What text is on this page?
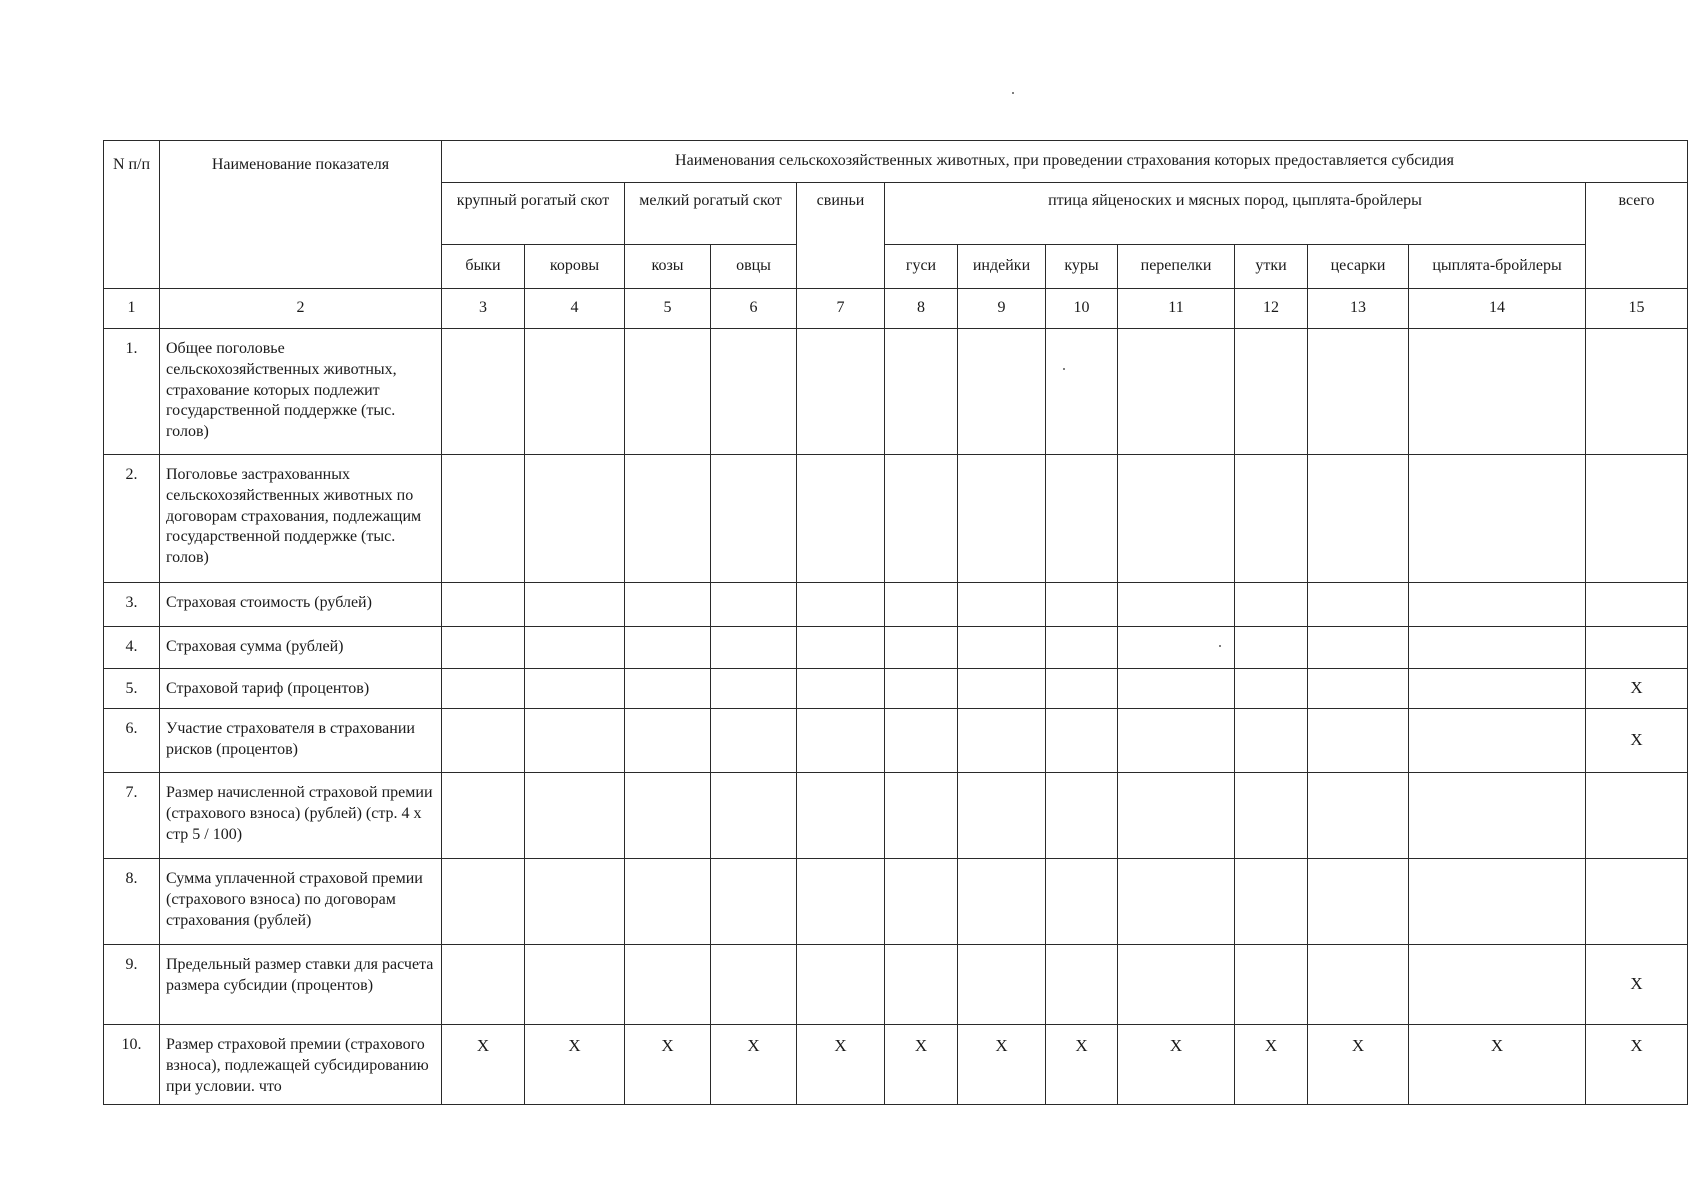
N п/п	Наименование показателя	Наименования сельскохозяйственных животных, при проведении страхования которых предоставляется субсидия												
		крупный рогатый скот		мелкий рогатый скот		свиньи	птица яйценоских и мясных пород, цыплята-бройлеры							всего
		быки	коровы	козы	овцы		гуси	индейки	куры	перепелки	утки	цесарки	цыплята-бройлеры	
1	2	3	4	5	6	7	8	9	10	11	12	13	14	15
1.	Общее поголовье сельскохозяйственных животных, страхование которых подлежит государственной поддержке (тыс. голов)													
2.	Поголовье застрахованных сельскохозяйственных животных по договорам страхования, подлежащим государственной поддержке (тыс. голов)													
3.	Страховая стоимость (рублей)													
4.	Страховая сумма (рублей)													
5.	Страховой тариф (процентов)													Х
6.	Участие страхователя в страховании рисков (процентов)													Х
7.	Размер начисленной страховой премии (страхового взноса) (рублей) (стр. 4 х стр 5 / 100)													
8.	Сумма уплаченной страховой премии (страхового взноса) по договорам страхования (рублей)													
9.	Предельный размер ставки для расчета размера субсидии (процентов)													Х
10.	Размер страховой премии (страхового взноса), подлежащей субсидированию при условии. что	Х	Х	Х	Х	Х	Х	Х	Х	Х	Х	Х	Х	Х
